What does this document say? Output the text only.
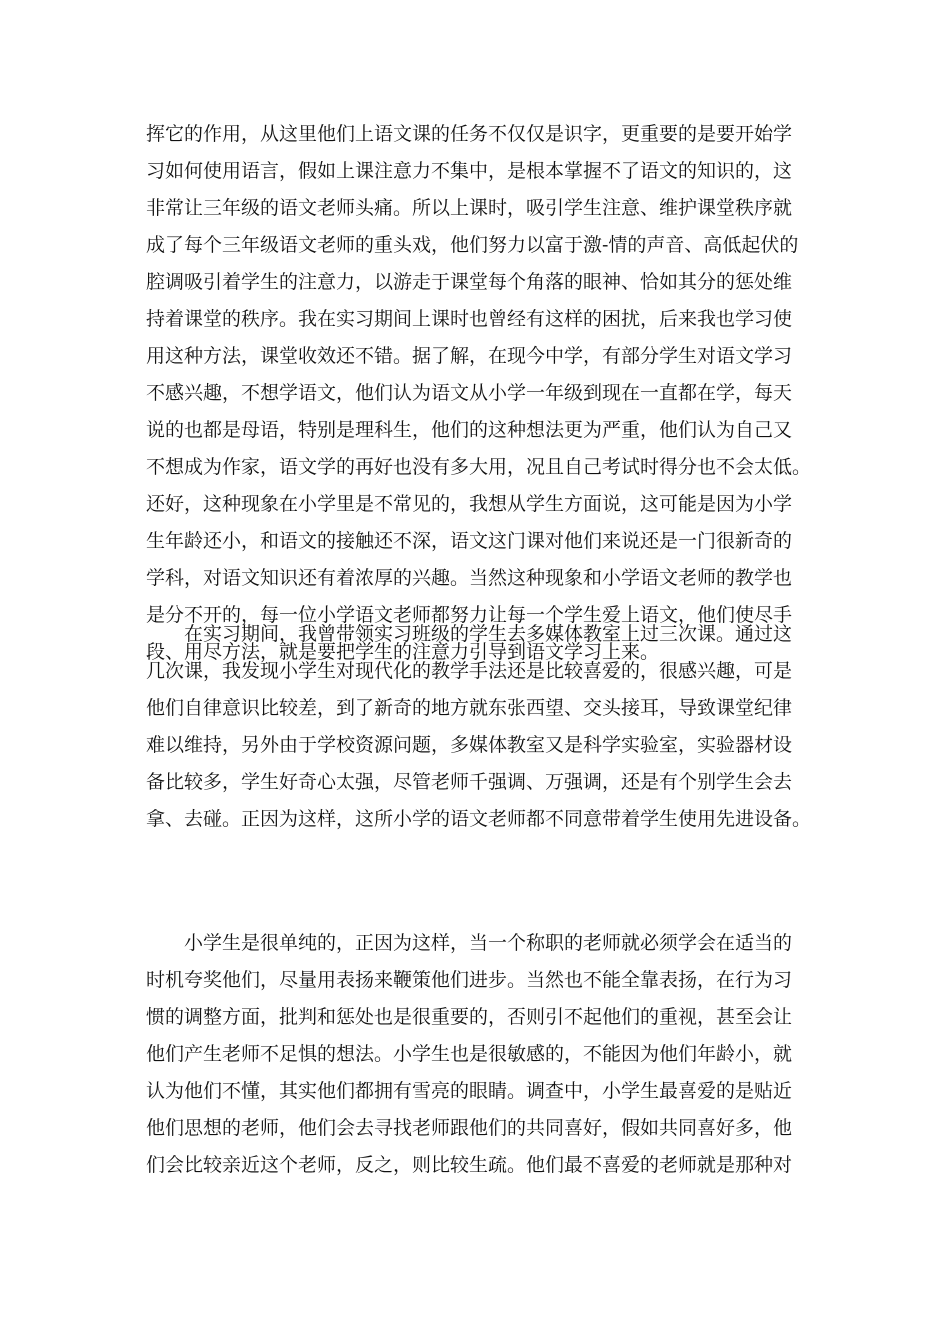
挥它的作用，从这里他们上语文课的任务不仅仅是识字，更重要的是要开始学
习如何使用语言，假如上课注意力不集中，是根本掌握不了语文的知识的，这
非常让三年级的语文老师头痛。所以上课时，吸引学生注意、维护课堂秩序就
成了每个三年级语文老师的重头戏，他们努力以富于激-情的声音、高低起伏的
腔调吸引着学生的注意力，以游走于课堂每个角落的眼神、恰如其分的惩处维
持着课堂的秩序。我在实习期间上课时也曾经有这样的困扰，后来我也学习使
用这种方法，课堂收效还不错。据了解，在现今中学，有部分学生对语文学习
不感兴趣，不想学语文，他们认为语文从小学一年级到现在一直都在学，每天
说的也都是母语，特别是理科生，他们的这种想法更为严重，他们认为自己又
不想成为作家，语文学的再好也没有多大用，况且自己考试时得分也不会太低。
还好，这种现象在小学里是不常见的，我想从学生方面说，这可能是因为小学
生年龄还小，和语文的接触还不深，语文这门课对他们来说还是一门很新奇的
学科，对语文知识还有着浓厚的兴趣。当然这种现象和小学语文老师的教学也
是分不开的，每一位小学语文老师都努力让每一个学生爱上语文，他们使尽手
段、用尽方法，就是要把学生的注意力引导到语文学习上来。
　　在实习期间，我曾带领实习班级的学生去多媒体教室上过三次课。通过这
几次课，我发现小学生对现代化的教学手法还是比较喜爱的，很感兴趣，可是
他们自律意识比较差，到了新奇的地方就东张西望、交头接耳，导致课堂纪律
难以维持，另外由于学校资源问题，多媒体教室又是科学实验室，实验器材设
备比较多，学生好奇心太强，尽管老师千强调、万强调，还是有个别学生会去
拿、去碰。正因为这样，这所小学的语文老师都不同意带着学生使用先进设备。
　　小学生是很单纯的，正因为这样，当一个称职的老师就必须学会在适当的
时机夸奖他们，尽量用表扬来鞭策他们进步。当然也不能全靠表扬，在行为习
惯的调整方面，批判和惩处也是很重要的，否则引不起他们的重视，甚至会让
他们产生老师不足惧的想法。小学生也是很敏感的，不能因为他们年龄小，就
认为他们不懂，其实他们都拥有雪亮的眼睛。调查中，小学生最喜爱的是贴近
他们思想的老师，他们会去寻找老师跟他们的共同喜好，假如共同喜好多，他
们会比较亲近这个老师，反之，则比较生疏。他们最不喜爱的老师就是那种对
